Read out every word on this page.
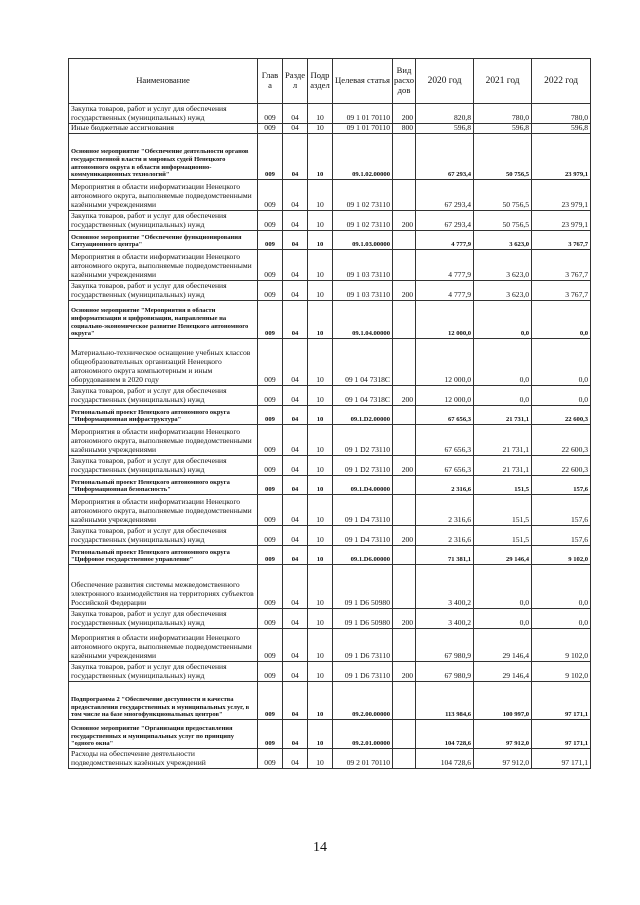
Наименование	Глав а	Разде л	Подр аздел	Целевая статья	Вид расхо дов	2020 год	2021 год	2022 год
Закупка товаров, работ и услуг для обеспечения государственных (муниципальных) нужд	009	04	10	09 1 01 70110	200	820,8	780,0	780,0
Иные бюджетные ассигнования	009	04	10	09 1 01 70110	800	596,8	596,8	596,8
Основное мероприятие "Обеспечение деятельности органов государственной власти и мировых судей Ненецкого автономного округа в области информационно-коммуникационных технологий"	009	04	10	09.1.02.00000		67 293,4	50 756,5	23 979,1
Мероприятия в области информатизации Ненецкого автономного округа, выполняемые подведомственными казёнными учреждениями	009	04	10	09 1 02 73110		67 293,4	50 756,5	23 979,1
Закупка товаров, работ и услуг для обеспечения государственных (муниципальных) нужд	009	04	10	09 1 02 73110	200	67 293,4	50 756,5	23 979,1
Основное мероприятие "Обеспечение функционирования Ситуационного центра"	009	04	10	09.1.03.00000		4 777,9	3 623,0	3 767,7
Мероприятия в области информатизации Ненецкого автономного округа, выполняемые подведомственными казёнными учреждениями	009	04	10	09 1 03 73110		4 777,9	3 623,0	3 767,7
Закупка товаров, работ и услуг для обеспечения государственных (муниципальных) нужд	009	04	10	09 1 03 73110	200	4 777,9	3 623,0	3 767,7
Основное мероприятие "Мероприятия в области информатизации и цифровизации, направленные на социально-экономическое развитие Ненецкого автономного округа"	009	04	10	09.1.04.00000		12 000,0	0,0	0,0
Материально-техническое оснащение учебных классов общеобразовательных организаций Ненецкого автономного округа компьютерным и иным оборудованием в 2020 году	009	04	10	09 1 04 7318C		12 000,0	0,0	0,0
Закупка товаров, работ и услуг для обеспечения государственных (муниципальных) нужд	009	04	10	09 1 04 7318C	200	12 000,0	0,0	0,0
Региональный проект Ненецкого автономного округа "Информационная инфраструктура"	009	04	10	09.1.D2.00000		67 656,3	21 731,1	22 600,3
Мероприятия в области информатизации Ненецкого автономного округа, выполняемые подведомственными казёнными учреждениями	009	04	10	09 1 D2 73110		67 656,3	21 731,1	22 600,3
Закупка товаров, работ и услуг для обеспечения государственных (муниципальных) нужд	009	04	10	09 1 D2 73110	200	67 656,3	21 731,1	22 600,3
Региональный проект Ненецкого автономного округа "Информационная безопасность"	009	04	10	09.1.D4.00000		2 316,6	151,5	157,6
Мероприятия в области информатизации Ненецкого автономного округа, выполняемые подведомственными казёнными учреждениями	009	04	10	09 1 D4 73110		2 316,6	151,5	157,6
Закупка товаров, работ и услуг для обеспечения государственных (муниципальных) нужд	009	04	10	09 1 D4 73110	200	2 316,6	151,5	157,6
Региональный проект Ненецкого автономного округа "Цифровое государственное управление"	009	04	10	09.1.D6.00000		71 381,1	29 146,4	9 102,0
Обеспечение развития системы межведомственного электронного взаимодействия на территориях субъектов Российской Федерации	009	04	10	09 1 D6 50980		3 400,2	0,0	0,0
Закупка товаров, работ и услуг для обеспечения государственных (муниципальных) нужд	009	04	10	09 1 D6 50980	200	3 400,2	0,0	0,0
Мероприятия в области информатизации Ненецкого автономного округа, выполняемые подведомственными казёнными учреждениями	009	04	10	09 1 D6 73110		67 980,9	29 146,4	9 102,0
Закупка товаров, работ и услуг для обеспечения государственных (муниципальных) нужд	009	04	10	09 1 D6 73110	200	67 980,9	29 146,4	9 102,0
Подпрограмма 2 "Обеспечение доступности и качества предоставления государственных и муниципальных услуг, в том числе на базе многофункциональных центров"	009	04	10	09.2.00.00000		113 984,6	100 997,0	97 171,1
Основное мероприятие "Организация предоставления государственных и муниципальных услуг по принципу "одного окна"	009	04	10	09.2.01.00000		104 728,6	97 912,0	97 171,1
Расходы на обеспечение деятельности подведомственных казённых учреждений	009	04	10	09 2 01 70110		104 728,6	97 912,0	97 171,1
14
